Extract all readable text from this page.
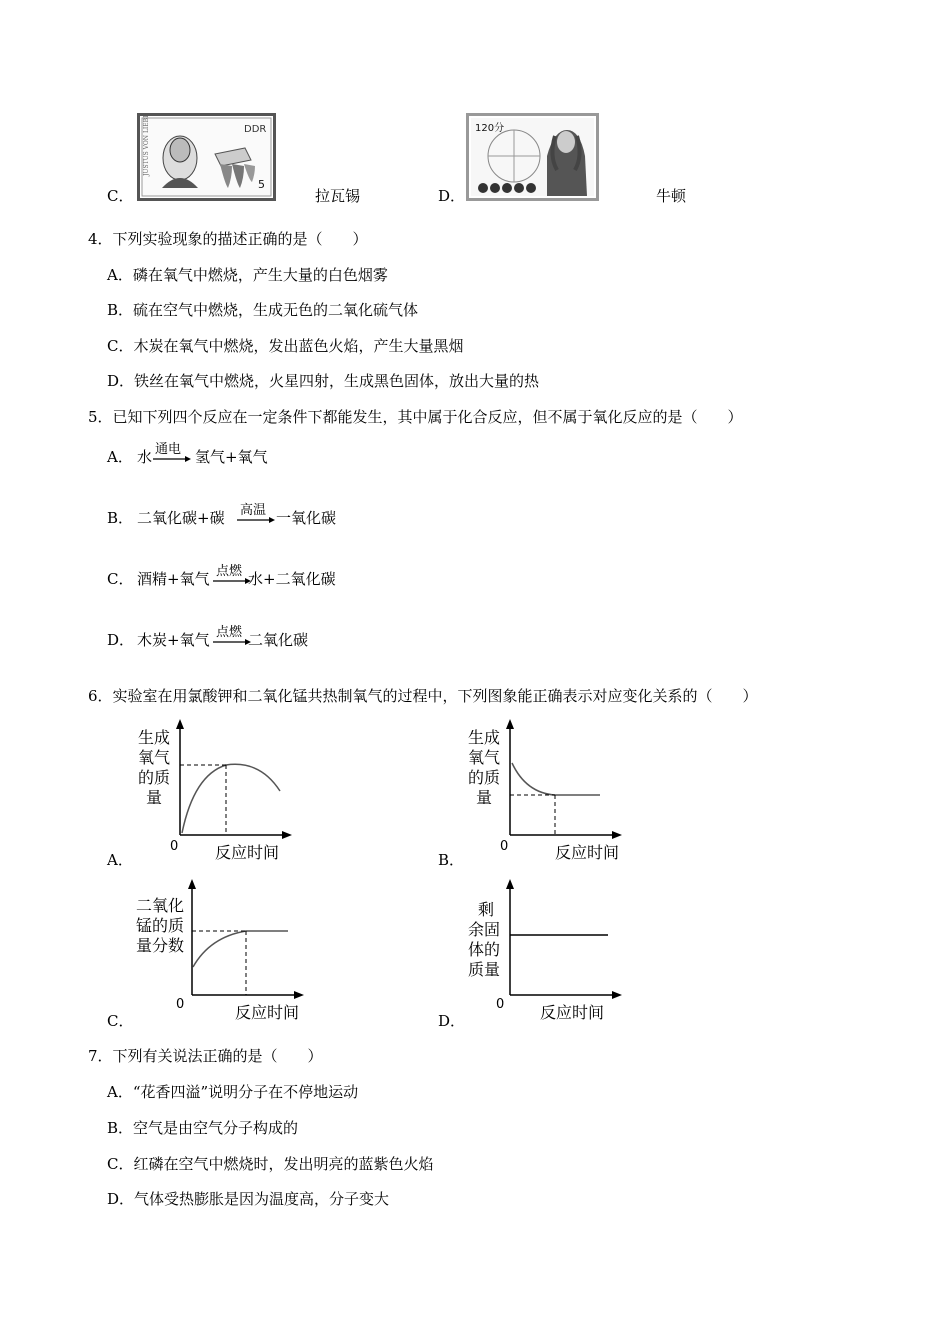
C．
JUSTUS VON LIEBIG	DDR
5
拉瓦锡	D．
120分
牛顿
4．下列实验现象的描述正确的是（　　）
A．磷在氧气中燃烧，产生大量的白色烟雾
B．硫在空气中燃烧，生成无色的二氧化硫气体
C．木炭在氧气中燃烧，发出蓝色火焰，产生大量黑烟
D．铁丝在氧气中燃烧，火星四射，生成黑色固体，放出大量的热
5．已知下列四个反应在一定条件下都能发生，其中属于化合反应，但不属于氧化反应的是（　　）
A． 水 通电 → 氢气+氧气
B． 二氧化碳+碳 高温 → 一氧化碳
C． 酒精+氧气 点燃 水+二氧化碳
D． 木炭+氧气 点燃 二氧化碳
6．实验室在用氯酸钾和二氧化锰共热制氧气的过程中，下列图象能正确表示对应变化关系的（　　）
A．
生成
氧气
的质
量
0 反应时间	B．
生成
氧气
的质
量
0	反应时间
C．
二氧化
锰的质
量分数
0	反应时间	D．
剩
余固
体的
质量
0 反应时间
7．下列有关说法正确的是（　　）
A．“花香四溢”说明分子在不停地运动
B．空气是由空气分子构成的
C．红磷在空气中燃烧时，发出明亮的蓝紫色火焰
D．气体受热膨胀是因为温度高，分子变大
